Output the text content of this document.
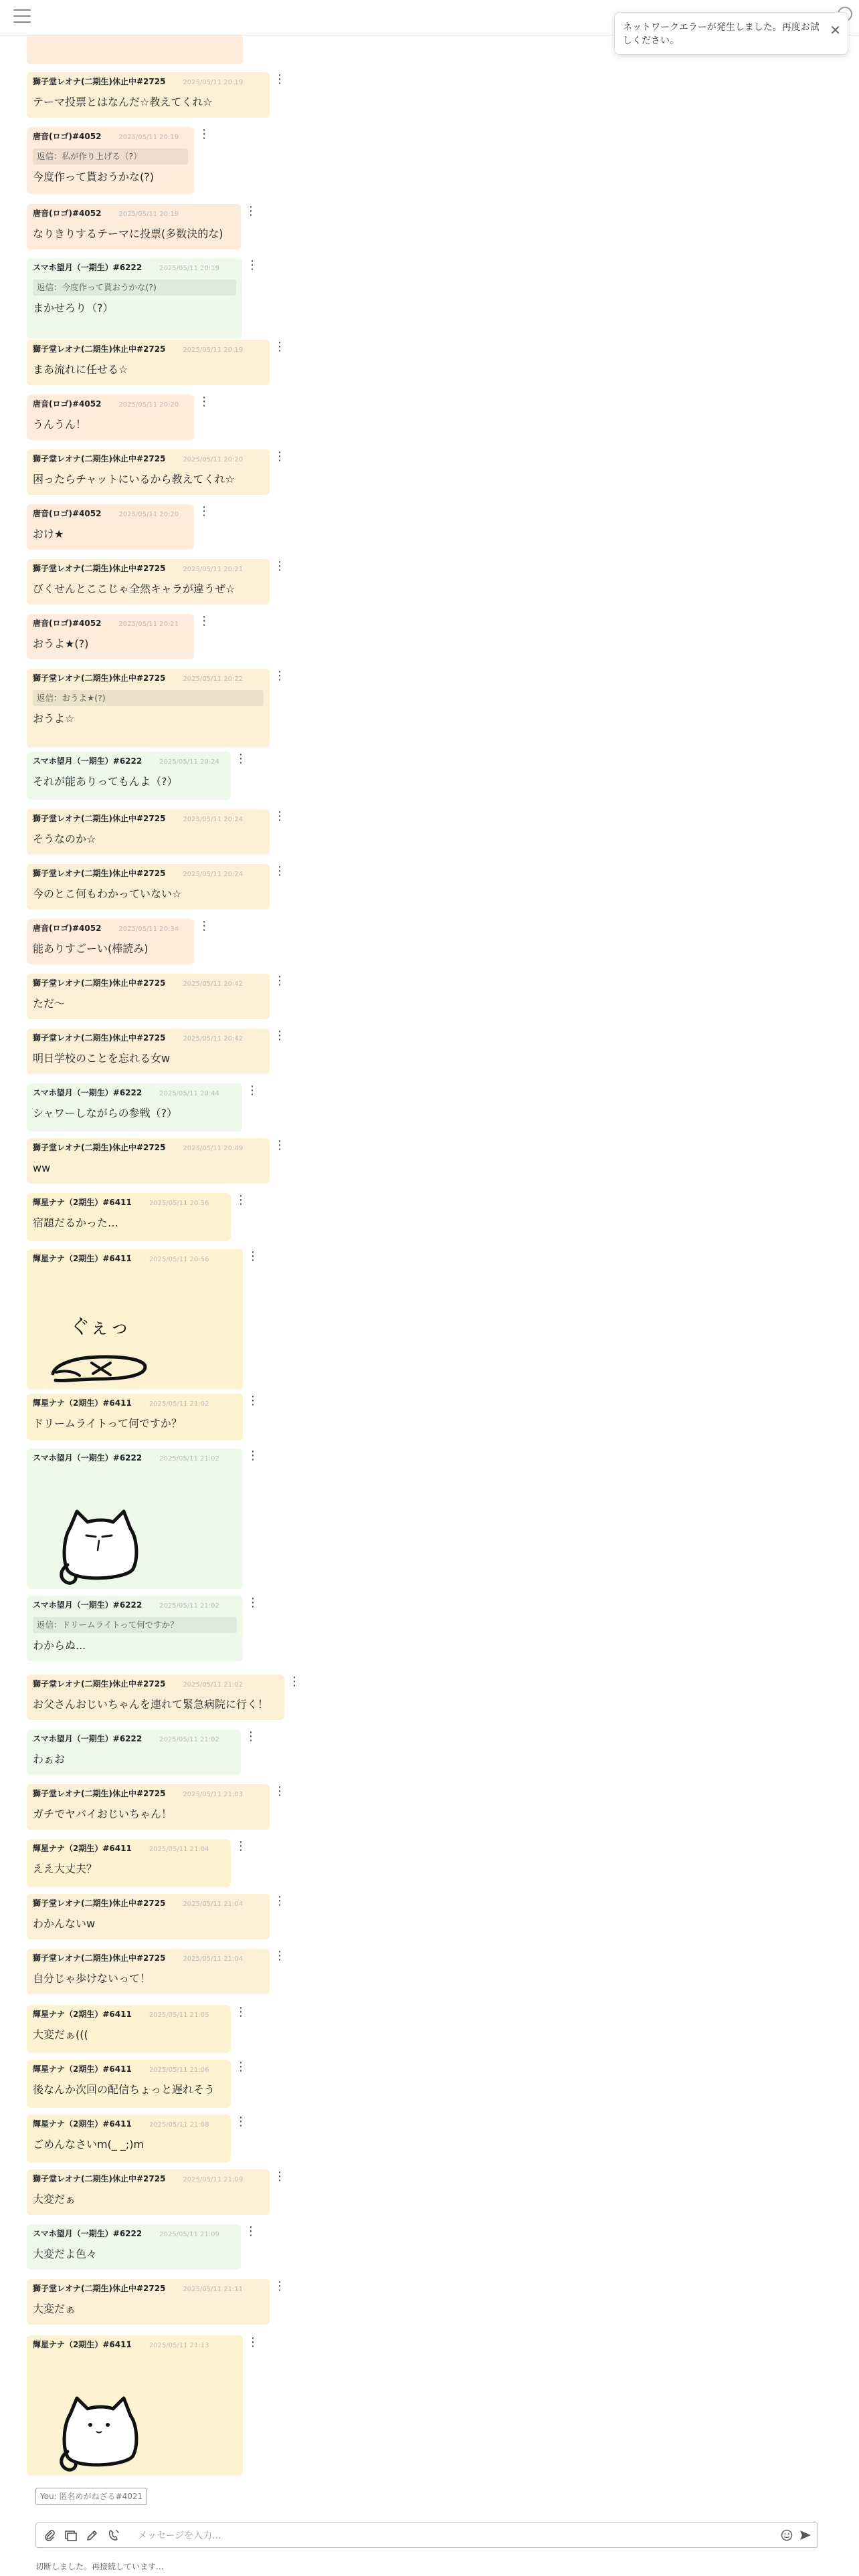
ネットワークエラーが発生しました。再度お試しください。
✕
獅子堂レオナ(二期生)休止中#2725	2025/05/11 20:19
テーマ投票とはなんだ☆教えてくれ☆
⋮
唐音(ロゴ)#4052	2025/05/11 20:19
返信：私が作り上げる（?）
今度作って貰おうかな(?)
⋮
唐音(ロゴ)#4052	2025/05/11 20:19
なりきりするテーマに投票(多数決的な)
⋮
スマホ望月（一期生）#6222	2025/05/11 20:19
返信：今度作って貰おうかな(?)
まかせろり（?）
⋮
獅子堂レオナ(二期生)休止中#2725	2025/05/11 20:19
まあ流れに任せる☆
⋮
唐音(ロゴ)#4052	2025/05/11 20:20
うんうん！
⋮
獅子堂レオナ(二期生)休止中#2725	2025/05/11 20:20
困ったらチャットにいるから教えてくれ☆
⋮
唐音(ロゴ)#4052	2025/05/11 20:20
おけ★
⋮
獅子堂レオナ(二期生)休止中#2725	2025/05/11 20:21
びくせんとここじゃ全然キャラが違うぜ☆
⋮
唐音(ロゴ)#4052	2025/05/11 20:21
おうよ★(?)
⋮
獅子堂レオナ(二期生)休止中#2725	2025/05/11 20:22
返信：おうよ★(?)
おうよ☆
⋮
スマホ望月（一期生）#6222	2025/05/11 20:24
それが能ありってもんよ（?）
⋮
獅子堂レオナ(二期生)休止中#2725	2025/05/11 20:24
そうなのか☆
⋮
獅子堂レオナ(二期生)休止中#2725	2025/05/11 20:24
今のとこ何もわかっていない☆
⋮
唐音(ロゴ)#4052	2025/05/11 20:34
能ありすごーい(棒読み)
⋮
獅子堂レオナ(二期生)休止中#2725	2025/05/11 20:42
ただ〜
⋮
獅子堂レオナ(二期生)休止中#2725	2025/05/11 20:42
明日学校のことを忘れる女w
⋮
スマホ望月（一期生）#6222	2025/05/11 20:44
シャワーしながらの参戦（?）
⋮
獅子堂レオナ(二期生)休止中#2725	2025/05/11 20:49
ww
⋮
輝星ナナ（2期生）#6411	2025/05/11 20:56
宿題だるかった…
⋮
輝星ナナ（2期生）#6411	2025/05/11 20:56
ぐぇっ
⋮
輝星ナナ（2期生）#6411	2025/05/11 21:02
ドリームライトって何ですか？
⋮
スマホ望月（一期生）#6222	2025/05/11 21:02	⋮
スマホ望月（一期生）#6222	2025/05/11 21:02
返信：ドリームライトって何ですか？
わからぬ...
⋮
獅子堂レオナ(二期生)休止中#2725	2025/05/11 21:02
お父さんおじいちゃんを連れて緊急病院に行く！
⋮
スマホ望月（一期生）#6222	2025/05/11 21:02
わぁお
⋮
獅子堂レオナ(二期生)休止中#2725	2025/05/11 21:03
ガチでヤバイおじいちゃん！
⋮
輝星ナナ（2期生）#6411	2025/05/11 21:04
ええ大丈夫？
⋮
獅子堂レオナ(二期生)休止中#2725	2025/05/11 21:04
わかんないw
⋮
獅子堂レオナ(二期生)休止中#2725	2025/05/11 21:04
自分じゃ歩けないって！
⋮
輝星ナナ（2期生）#6411	2025/05/11 21:05
大変だぁ(((
⋮
輝星ナナ（2期生）#6411	2025/05/11 21:06
後なんか次回の配信ちょっと遅れそう
⋮
輝星ナナ（2期生）#6411	2025/05/11 21:08
ごめんなさいm(_ _;)m
⋮
獅子堂レオナ(二期生)休止中#2725	2025/05/11 21:09
大変だぁ
⋮
スマホ望月（一期生）#6222	2025/05/11 21:09
大変だよ色々
⋮
獅子堂レオナ(二期生)休止中#2725	2025/05/11 21:11
大変だぁ
⋮
輝星ナナ（2期生）#6411	2025/05/11 21:13	⋮
You: 匿名めがねざる#4021
メッセージを入力...
切断しました。再接続しています...
